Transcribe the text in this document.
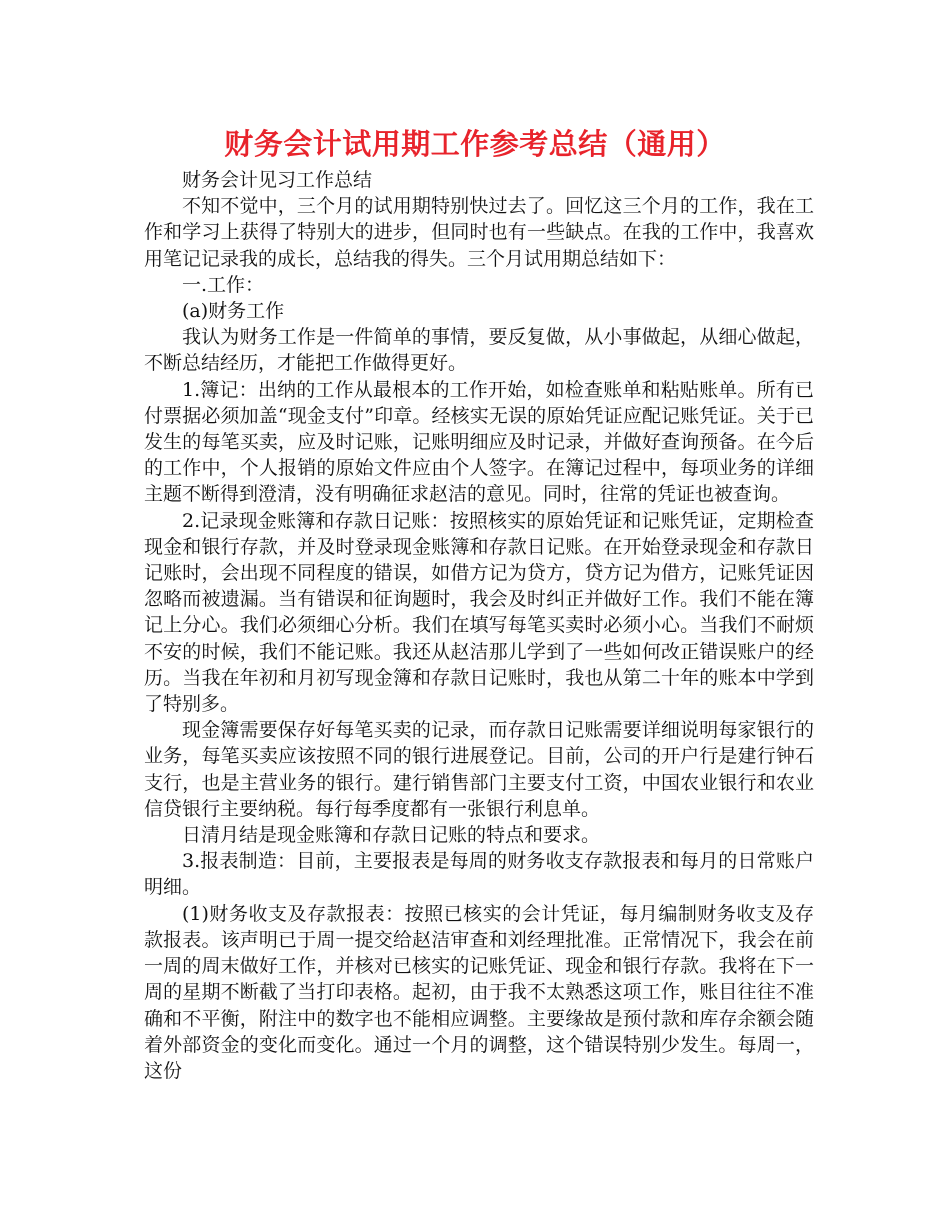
财务会计试用期工作参考总结（通用）

财务会计见习工作总结

不知不觉中，三个月的试用期特别快过去了。回忆这三个月的工作，我在工作和学习上获得了特别大的进步，但同时也有一些缺点。在我的工作中，我喜欢用笔记记录我的成长，总结我的得失。三个月试用期总结如下：

一.工作：

(a)财务工作

我认为财务工作是一件简单的事情，要反复做，从小事做起，从细心做起，不断总结经历，才能把工作做得更好。

1.簿记：出纳的工作从最根本的工作开始，如检查账单和粘贴账单。所有已付票据必须加盖“现金支付”印章。经核实无误的原始凭证应配记账凭证。关于已发生的每笔买卖，应及时记账，记账明细应及时记录，并做好查询预备。在今后的工作中，个人报销的原始文件应由个人签字。在簿记过程中，每项业务的详细主题不断得到澄清，没有明确征求赵洁的意见。同时，往常的凭证也被查询。

2.记录现金账簿和存款日记账：按照核实的原始凭证和记账凭证，定期检查现金和银行存款，并及时登录现金账簿和存款日记账。在开始登录现金和存款日记账时，会出现不同程度的错误，如借方记为贷方，贷方记为借方，记账凭证因忽略而被遗漏。当有错误和征询题时，我会及时纠正并做好工作。我们不能在簿记上分心。我们必须细心分析。我们在填写每笔买卖时必须小心。当我们不耐烦不安的时候，我们不能记账。我还从赵洁那儿学到了一些如何改正错误账户的经历。当我在年初和月初写现金簿和存款日记账时，我也从第二十年的账本中学到了特别多。

现金簿需要保存好每笔买卖的记录，而存款日记账需要详细说明每家银行的业务，每笔买卖应该按照不同的银行进展登记。目前，公司的开户行是建行钟石支行，也是主营业务的银行。建行销售部门主要支付工资，中国农业银行和农业信贷银行主要纳税。每行每季度都有一张银行利息单。

日清月结是现金账簿和存款日记账的特点和要求。

3.报表制造：目前，主要报表是每周的财务收支存款报表和每月的日常账户明细。

(1)财务收支及存款报表：按照已核实的会计凭证，每月编制财务收支及存款报表。该声明已于周一提交给赵洁审查和刘经理批准。正常情况下，我会在前一周的周末做好工作，并核对已核实的记账凭证、现金和银行存款。我将在下一周的星期不断截了当打印表格。起初，由于我不太熟悉这项工作，账目往往不准确和不平衡，附注中的数字也不能相应调整。主要缘故是预付款和库存余额会随着外部资金的变化而变化。通过一个月的调整，这个错误特别少发生。每周一，这份
